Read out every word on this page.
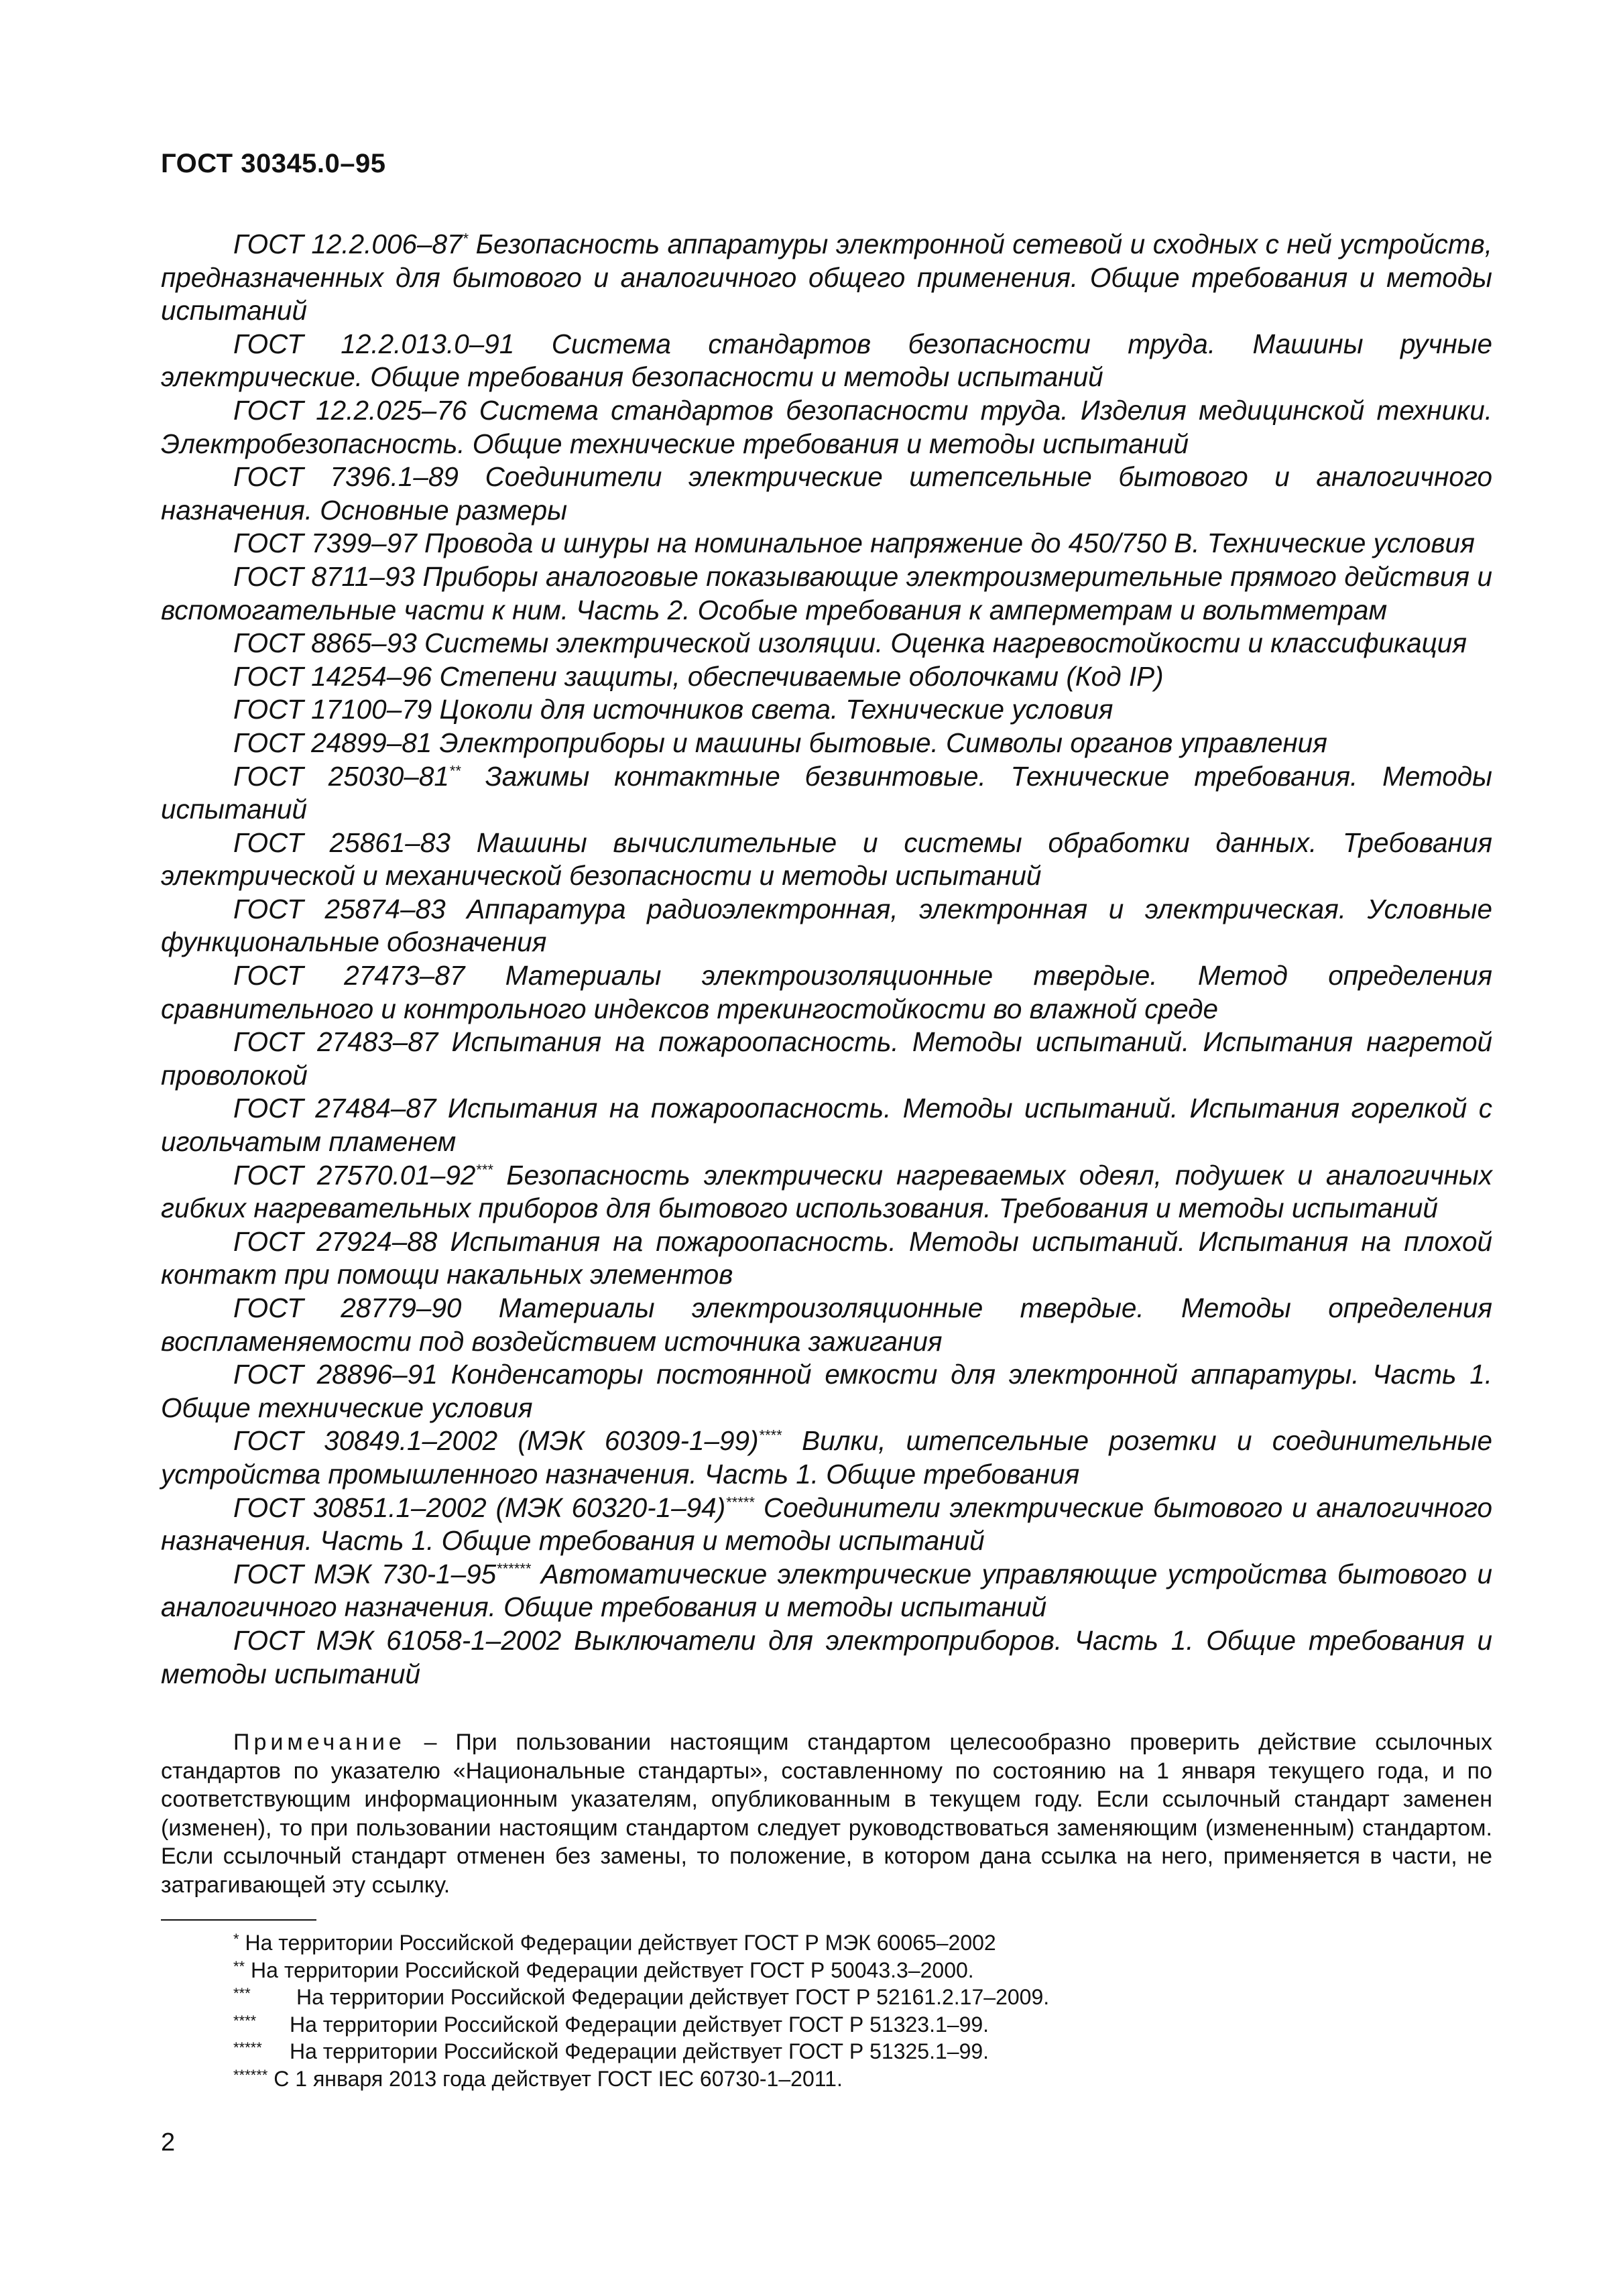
ГОСТ 30345.0–95

ГОСТ 12.2.006–87* Безопасность аппаратуры электронной сетевой и сходных с ней устройств, предназначенных для бытового и аналогичного общего применения. Общие требования и методы испытаний

ГОСТ 12.2.013.0–91 Система стандартов безопасности труда. Машины ручные электрические. Общие требования безопасности и методы испытаний

ГОСТ 12.2.025–76 Система стандартов безопасности труда. Изделия медицинской техники. Электробезопасность. Общие технические требования и методы испытаний

ГОСТ 7396.1–89 Соединители электрические штепсельные бытового и аналогичного назначения. Основные размеры

ГОСТ 7399–97 Провода и шнуры на номинальное напряжение до 450/750 В. Технические условия

ГОСТ 8711–93 Приборы аналоговые показывающие электроизмерительные прямого действия и вспомогательные части к ним. Часть 2. Особые требования к амперметрам и вольтметрам

ГОСТ 8865–93 Системы электрической изоляции. Оценка нагревостойкости и классификация

ГОСТ 14254–96 Степени защиты, обеспечиваемые оболочками (Код IP)

ГОСТ 17100–79 Цоколи для источников света. Технические условия

ГОСТ 24899–81 Электроприборы и машины бытовые. Символы органов управления

ГОСТ 25030–81** Зажимы контактные безвинтовые. Технические требования. Методы испытаний

ГОСТ 25861–83 Машины вычислительные и системы обработки данных. Требования электрической и механической безопасности и методы испытаний

ГОСТ 25874–83 Аппаратура радиоэлектронная, электронная и электрическая. Условные функциональные обозначения

ГОСТ 27473–87 Материалы электроизоляционные твердые. Метод определения сравнительного и контрольного индексов трекингостойкости во влажной среде

ГОСТ 27483–87 Испытания на пожароопасность. Методы испытаний. Испытания нагретой проволокой

ГОСТ 27484–87 Испытания на пожароопасность. Методы испытаний. Испытания горелкой с игольчатым пламенем

ГОСТ 27570.01–92*** Безопасность электрически нагреваемых одеял, подушек и аналогичных гибких нагревательных приборов для бытового использования. Требования и методы испытаний

ГОСТ 27924–88 Испытания на пожароопасность. Методы испытаний. Испытания на плохой контакт при помощи накальных элементов

ГОСТ 28779–90 Материалы электроизоляционные твердые. Методы определения воспламеняемости под воздействием источника зажигания

ГОСТ 28896–91 Конденсаторы постоянной емкости для электронной аппаратуры. Часть 1. Общие технические условия

ГОСТ 30849.1–2002 (МЭК 60309-1–99)**** Вилки, штепсельные розетки и соединительные устройства промышленного назначения. Часть 1. Общие требования

ГОСТ 30851.1–2002 (МЭК 60320-1–94)***** Соединители электрические бытового и аналогичного назначения. Часть 1. Общие требования и методы испытаний

ГОСТ МЭК 730-1–95****** Автоматические электрические управляющие устройства бытового и аналогичного назначения. Общие требования и методы испытаний

ГОСТ МЭК 61058-1–2002 Выключатели для электроприборов. Часть 1. Общие требования и методы испытаний

Примечание – При пользовании настоящим стандартом целесообразно проверить действие ссылочных стандартов по указателю «Национальные стандарты», составленному по состоянию на 1 января текущего года, и по соответствующим информационным указателям, опубликованным в текущем году. Если ссылочный стандарт заменен (изменен), то при пользовании настоящим стандартом следует руководствоваться заменяющим (измененным) стандартом. Если ссылочный стандарт отменен без замены, то положение, в котором дана ссылка на него, применяется в части, не затрагивающей эту ссылку.

* На территории Российской Федерации действует ГОСТ Р МЭК 60065–2002

** На территории Российской Федерации действует ГОСТ Р 50043.3–2000.

*** На территории Российской Федерации действует ГОСТ Р 52161.2.17–2009.

**** На территории Российской Федерации действует ГОСТ Р 51323.1–99.

***** На территории Российской Федерации действует ГОСТ Р 51325.1–99.

****** С 1 января 2013 года действует ГОСТ IEC 60730-1–2011.

2
